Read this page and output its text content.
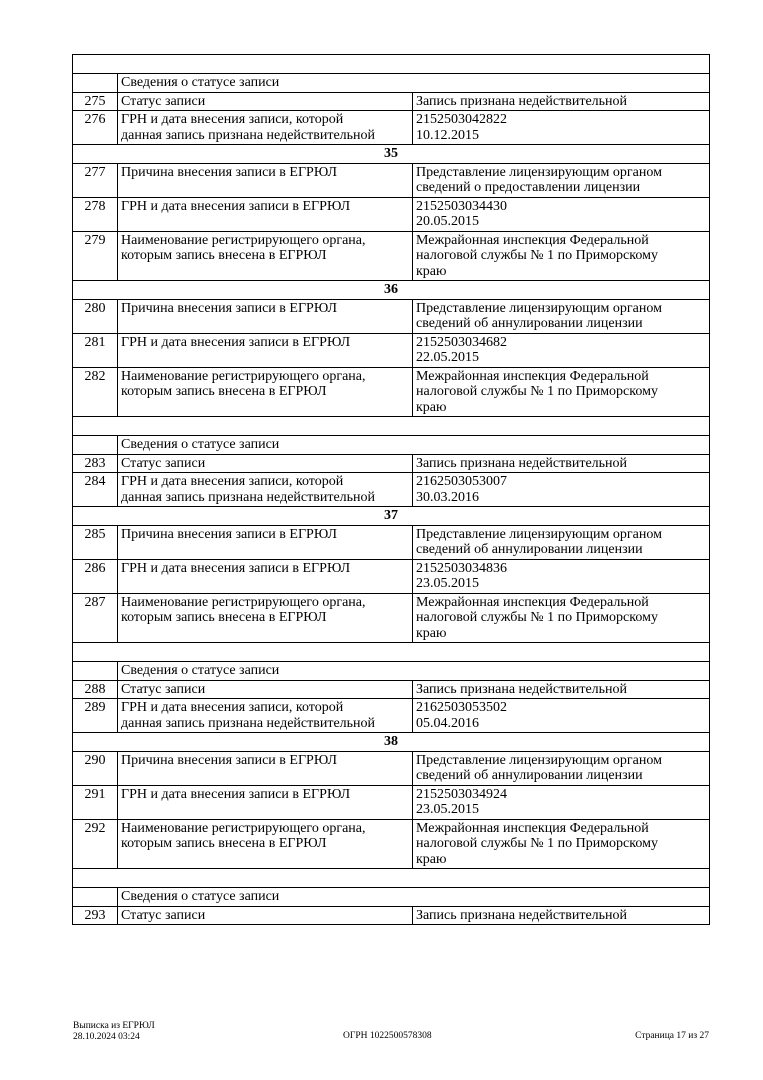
	Сведения о статусе записи	
275	Статус записи	Запись признана недействительной
276	ГРН и дата внесения записи, которой
данная запись признана недействительной	2152503042822
10.12.2015
35		
277	Причина внесения записи в ЕГРЮЛ	Представление лицензирующим органом
сведений о предоставлении лицензии
278	ГРН и дата внесения записи в ЕГРЮЛ	2152503034430
20.05.2015
279	Наименование регистрирующего органа,
которым запись внесена в ЕГРЮЛ	Межрайонная инспекция Федеральной
налоговой службы № 1 по Приморскому
краю
36		
280	Причина внесения записи в ЕГРЮЛ	Представление лицензирующим органом
сведений об аннулировании лицензии
281	ГРН и дата внесения записи в ЕГРЮЛ	2152503034682
22.05.2015
282	Наименование регистрирующего органа,
которым запись внесена в ЕГРЮЛ	Межрайонная инспекция Федеральной
налоговой службы № 1 по Приморскому
краю

	Сведения о статусе записи	
283	Статус записи	Запись признана недействительной
284	ГРН и дата внесения записи, которой
данная запись признана недействительной	2162503053007
30.03.2016
37		
285	Причина внесения записи в ЕГРЮЛ	Представление лицензирующим органом
сведений об аннулировании лицензии
286	ГРН и дата внесения записи в ЕГРЮЛ	2152503034836
23.05.2015
287	Наименование регистрирующего органа,
которым запись внесена в ЕГРЮЛ	Межрайонная инспекция Федеральной
налоговой службы № 1 по Приморскому
краю

	Сведения о статусе записи	
288	Статус записи	Запись признана недействительной
289	ГРН и дата внесения записи, которой
данная запись признана недействительной	2162503053502
05.04.2016
38		
290	Причина внесения записи в ЕГРЮЛ	Представление лицензирующим органом
сведений об аннулировании лицензии
291	ГРН и дата внесения записи в ЕГРЮЛ	2152503034924
23.05.2015
292	Наименование регистрирующего органа,
которым запись внесена в ЕГРЮЛ	Межрайонная инспекция Федеральной
налоговой службы № 1 по Приморскому
краю

	Сведения о статусе записи	
293	Статус записи	Запись признана недействительной
Выписка из ЕГРЮЛ
28.10.2024 03:24	ОГРН 1022500578308	Страница 17 из 27
